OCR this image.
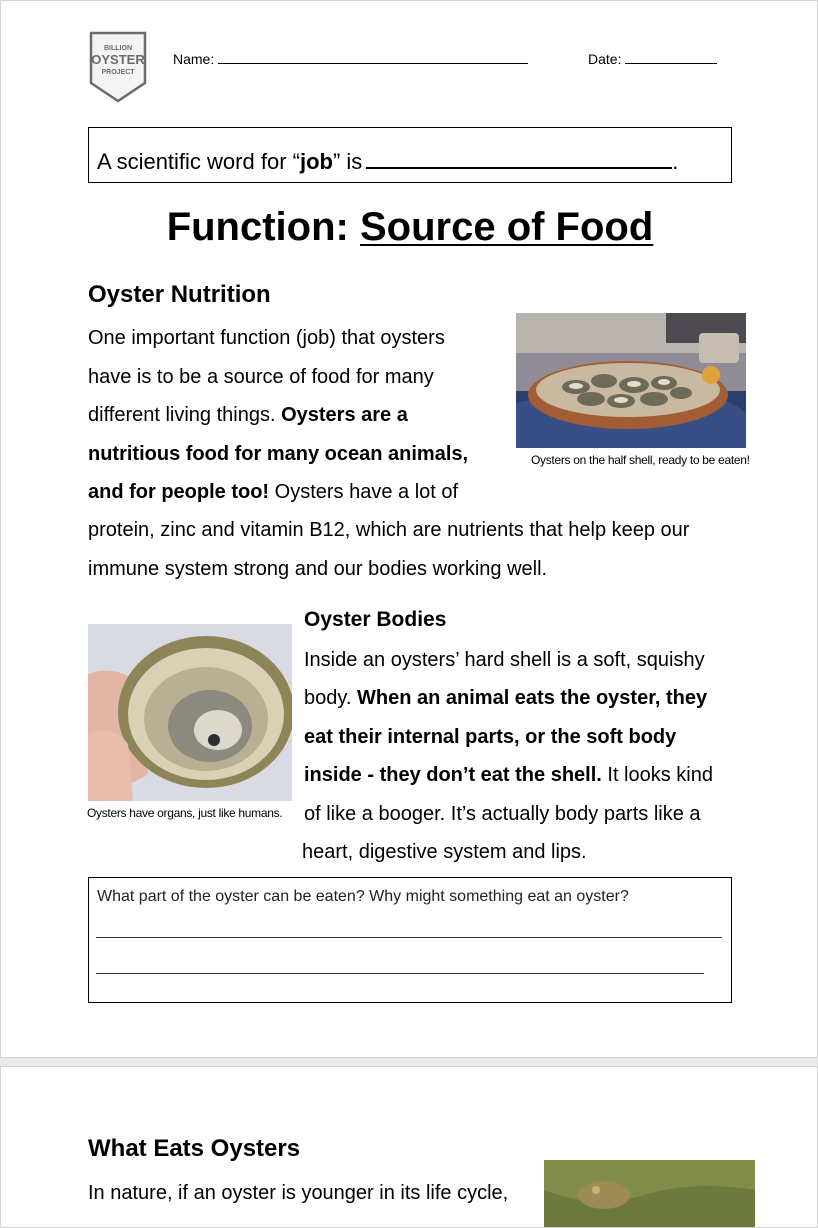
BILLION
OYSTER
PROJECT
Name:	Date:
A scientific word for “job” is	.
Function: Source of Food
Oyster Nutrition
One important function (job) that oysters
have is to be a source of food for many
different living things. Oysters are a
nutritious food for many ocean animals,
and for people too! Oysters have a lot of
protein, zinc and vitamin B12, which are nutrients that help keep our
immune system strong and our bodies working well.
Oysters on the half shell, ready to be eaten!
Oysters have organs, just like humans.
Oyster Bodies
Inside an oysters’ hard shell is a soft, squishy
body. When an animal eats the oyster, they
eat their internal parts, or the soft body
inside - they don’t eat the shell. It looks kind
of like a booger. It’s actually body parts like a
heart, digestive system and lips.
What part of the oyster can be eaten? Why might something eat an oyster?
What Eats Oysters
In nature, if an oyster is younger in its life cycle,
